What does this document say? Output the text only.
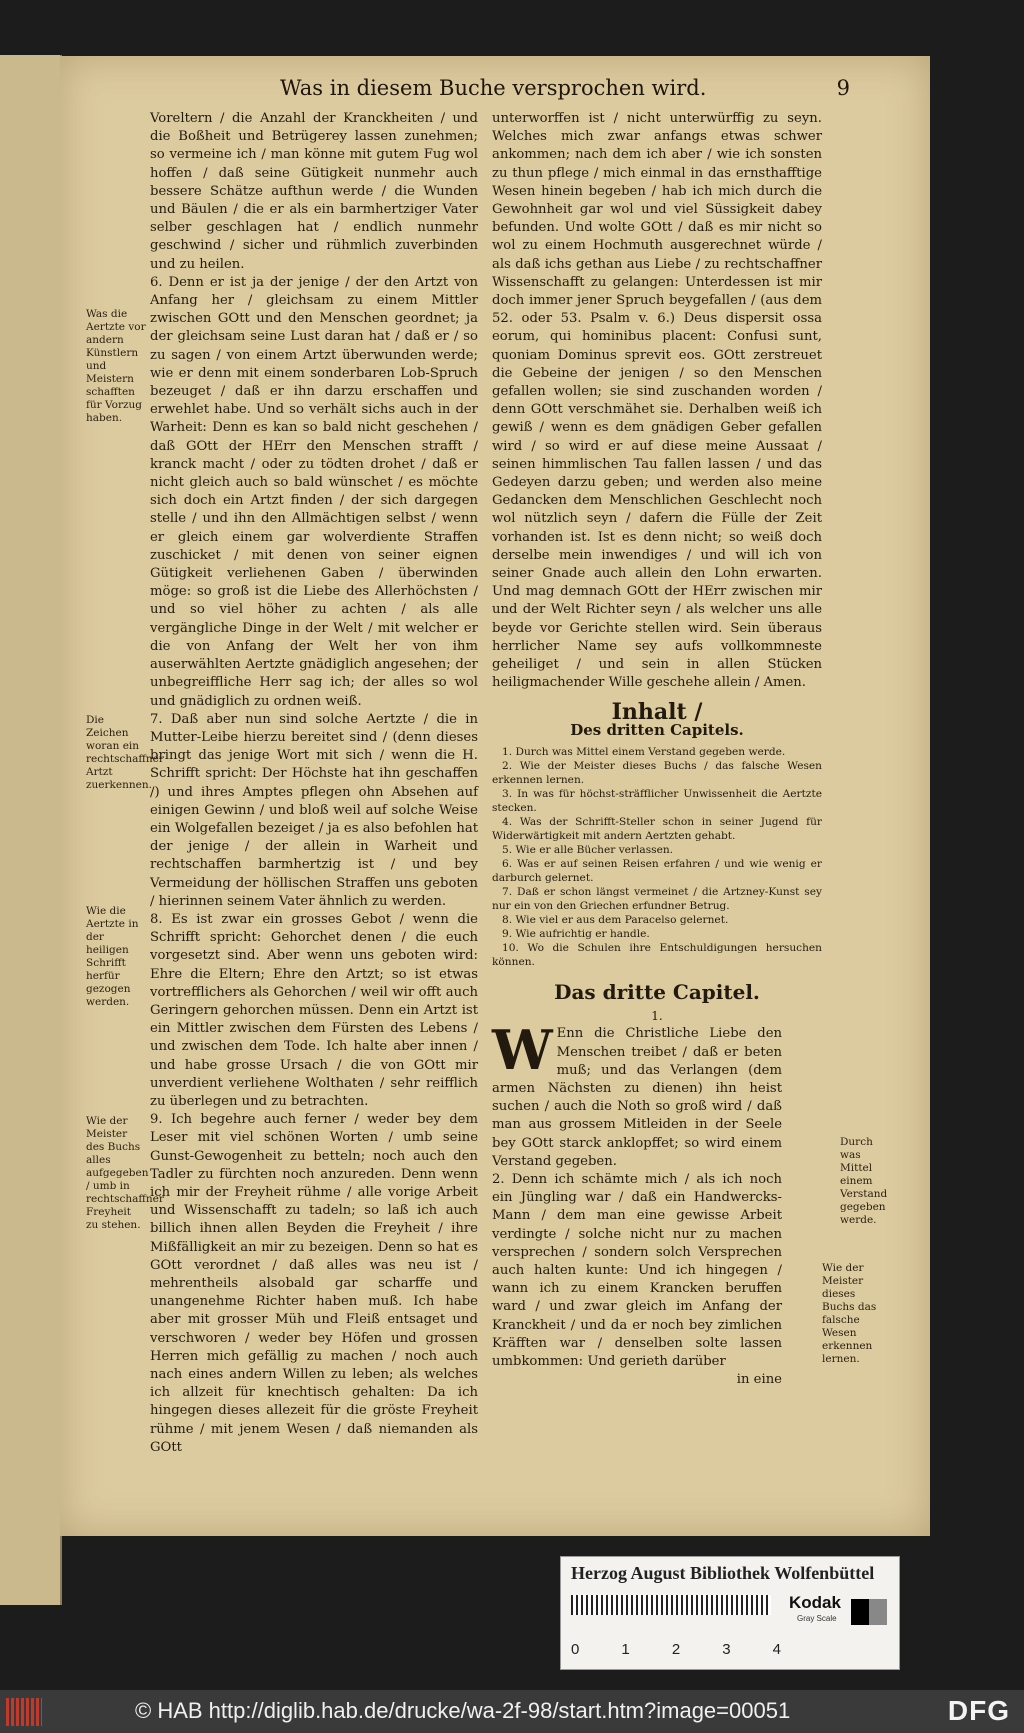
Was in diesem Buche versprochen wird.	9
Was die Aertzte vor andern Künstlern und Meistern schafften für Vorzug haben.
Die Zeichen woran ein rechtschaffner Artzt zuerkennen.
Wie die Aertzte in der heiligen Schrifft herfür gezogen werden.
Wie der Meister des Buchs alles aufgegeben / umb in rechtschaffner Freyheit zu stehen.

Voreltern / die Anzahl der Kranckheiten / und die Boßheit und Betrügerey lassen zunehmen; so vermeine ich / man könne mit gutem Fug wol hoffen / daß seine Gütigkeit nunmehr auch bessere Schätze aufthun werde / die Wunden und Bäulen / die er als ein barmhertziger Vater selber geschlagen hat / endlich nunmehr geschwind / sicher und rühmlich zuverbinden und zu heilen.

6. Denn er ist ja der jenige / der den Artzt von Anfang her / gleichsam zu einem Mittler zwischen GOtt und den Menschen geordnet; ja der gleichsam seine Lust daran hat / daß er / so zu sagen / von einem Artzt überwunden werde; wie er denn mit einem sonderbaren Lob-Spruch bezeuget / daß er ihn darzu erschaffen und erwehlet habe. Und so verhält sichs auch in der Warheit: Denn es kan so bald nicht geschehen / daß GOtt der HErr den Menschen strafft / kranck macht / oder zu tödten drohet / daß er nicht gleich auch so bald wünschet / es möchte sich doch ein Artzt finden / der sich dargegen stelle / und ihn den Allmächtigen selbst / wenn er gleich einem gar wolverdiente Straffen zuschicket / mit denen von seiner eignen Gütigkeit verliehenen Gaben / überwinden möge: so groß ist die Liebe des Allerhöchsten / und so viel höher zu achten / als alle vergängliche Dinge in der Welt / mit welcher er die von Anfang der Welt her von ihm auserwählten Aertzte gnädiglich angesehen; der unbegreiffliche Herr sag ich; der alles so wol und gnädiglich zu ordnen weiß.

7. Daß aber nun sind solche Aertzte / die in Mutter-Leibe hierzu bereitet sind / (denn dieses bringt das jenige Wort mit sich / wenn die H. Schrifft spricht: Der Höchste hat ihn geschaffen /) und ihres Amptes pflegen ohn Absehen auf einigen Gewinn / und bloß weil auf solche Weise ein Wolgefallen bezeiget / ja es also befohlen hat der jenige / der allein in Warheit und rechtschaffen barmhertzig ist / und bey Vermeidung der höllischen Straffen uns geboten / hierinnen seinem Vater ähnlich zu werden.

8. Es ist zwar ein grosses Gebot / wenn die Schrifft spricht: Gehorchet denen / die euch vorgesetzt sind. Aber wenn uns geboten wird: Ehre die Eltern; Ehre den Artzt; so ist etwas vortrefflichers als Gehorchen / weil wir offt auch Geringern gehorchen müssen. Denn ein Artzt ist ein Mittler zwischen dem Fürsten des Lebens / und zwischen dem Tode. Ich halte aber innen / und habe grosse Ursach / die von GOtt mir unverdient verliehene Wolthaten / sehr reifflich zu überlegen und zu betrachten.

9. Ich begehre auch ferner / weder bey dem Leser mit viel schönen Worten / umb seine Gunst-Gewogenheit zu betteln; noch auch den Tadler zu fürchten noch anzureden. Denn wenn ich mir der Freyheit rühme / alle vorige Arbeit und Wissenschafft zu tadeln; so laß ich auch billich ihnen allen Beyden die Freyheit / ihre Mißfälligkeit an mir zu bezeigen. Denn so hat es GOtt verordnet / daß alles was neu ist / mehrentheils alsobald gar scharffe und unangenehme Richter haben muß. Ich habe aber mit grosser Müh und Fleiß entsaget und verschworen / weder bey Höfen und grossen Herren mich gefällig zu machen / noch auch nach eines andern Willen zu leben; als welches ich allzeit für knechtisch gehalten: Da ich hingegen dieses allezeit für die gröste Freyheit rühme / mit jenem Wesen / daß niemanden als GOtt

unterworffen ist / nicht unterwürffig zu seyn. Welches mich zwar anfangs etwas schwer ankommen; nach dem ich aber / wie ich sonsten zu thun pflege / mich einmal in das ernsthafftige Wesen hinein begeben / hab ich mich durch die Gewohnheit gar wol und viel Süssigkeit dabey befunden. Und wolte GOtt / daß es mir nicht so wol zu einem Hochmuth ausgerechnet würde / als daß ichs gethan aus Liebe / zu rechtschaffner Wissenschafft zu gelangen: Unterdessen ist mir doch immer jener Spruch beygefallen / (aus dem 52. oder 53. Psalm v. 6.) Deus dispersit ossa eorum, qui hominibus placent: Confusi sunt, quoniam Dominus sprevit eos. GOtt zerstreuet die Gebeine der jenigen / so den Menschen gefallen wollen; sie sind zuschanden worden / denn GOtt verschmähet sie. Derhalben weiß ich gewiß / wenn es dem gnädigen Geber gefallen wird / so wird er auf diese meine Aussaat / seinen himmlischen Tau fallen lassen / und das Gedeyen darzu geben; und werden also meine Gedancken dem Menschlichen Geschlecht noch wol nützlich seyn / dafern die Fülle der Zeit vorhanden ist. Ist es denn nicht; so weiß doch derselbe mein inwendiges / und will ich von seiner Gnade auch allein den Lohn erwarten. Und mag demnach GOtt der HErr zwischen mir und der Welt Richter seyn / als welcher uns alle beyde vor Gerichte stellen wird. Sein überaus herrlicher Name sey aufs vollkommneste geheiliget / und sein in allen Stücken heiligmachender Wille geschehe allein / Amen.

Inhalt /
Des dritten Capitels.
1. Durch was Mittel einem Verstand gegeben werde.
2. Wie der Meister dieses Buchs / das falsche Wesen erkennen lernen.
3. In was für höchst-sträfflicher Unwissenheit die Aertzte stecken.
4. Was der Schrifft-Steller schon in seiner Jugend für Widerwärtigkeit mit andern Aertzten gehabt.
5. Wie er alle Bücher verlassen.
6. Was er auf seinen Reisen erfahren / und wie wenig er darburch gelernet.
7. Daß er schon längst vermeinet / die Artzney-Kunst sey nur ein von den Griechen erfundner Betrug.
8. Wie viel er aus dem Paracelso gelernet.
9. Wie aufrichtig er handle.
10. Wo die Schulen ihre Entschuldigungen hersuchen können.
Das dritte Capitel.
1.

W Enn die Christliche Liebe den Menschen treibet / daß er beten muß; und das Verlangen (dem armen Nächsten zu dienen) ihn heist suchen / auch die Noth so groß wird / daß man aus grossem Mitleiden in der Seele bey GOtt starck anklopffet; so wird einem Verstand gegeben.

2. Denn ich schämte mich / als ich noch ein Jüngling war / daß ein Handwercks-Mann / dem man eine gewisse Arbeit verdingte / solche nicht nur zu machen versprechen / sondern solch Versprechen auch halten kunte: Und ich hingegen / wann ich zu einem Krancken beruffen ward / und zwar gleich im Anfang der Kranckheit / und da er noch bey zimlichen Kräfften war / denselben solte lassen umbkommen: Und gerieth darüber

in eine
Durch was Mittel einem Verstand gegeben werde.
Wie der Meister dieses Buchs das falsche Wesen erkennen lernen.
Herzog August Bibliothek Wolfenbüttel
Kodak
Gray Scale
0	1	2	3	4
© HAB http://diglib.hab.de/drucke/wa-2f-98/start.htm?image=00051	DFG
